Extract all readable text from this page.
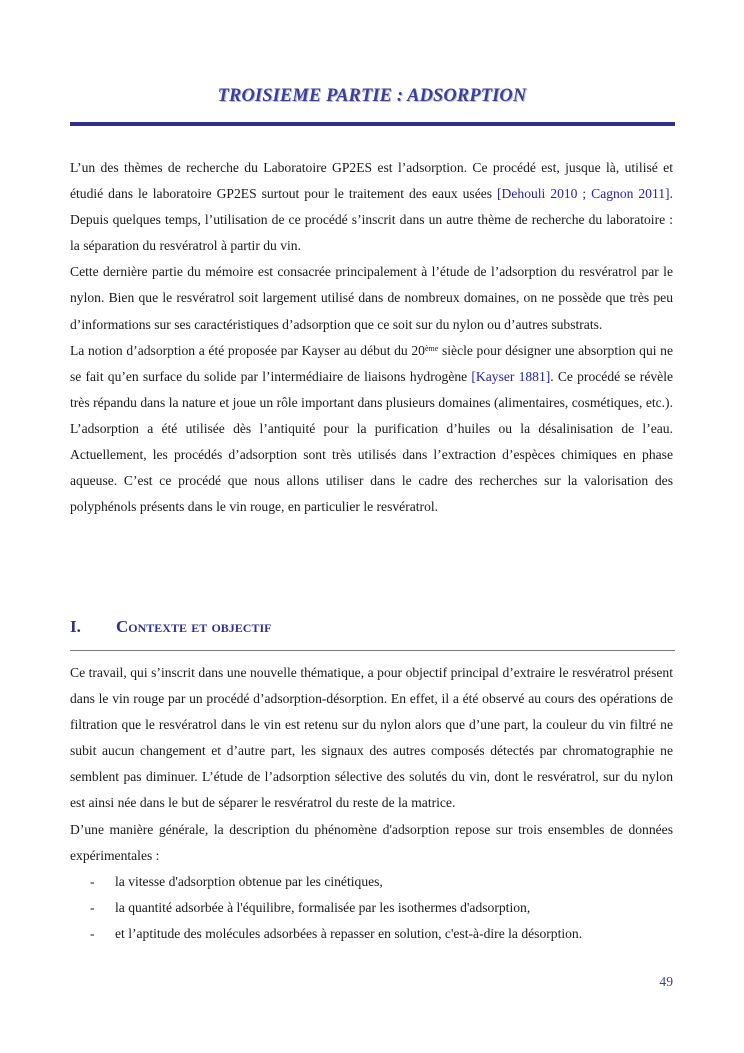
TROISIEME PARTIE : ADSORPTION

L’un des thèmes de recherche du Laboratoire GP2ES est l’adsorption. Ce procédé est, jusque là, utilisé et étudié dans le laboratoire GP2ES surtout pour le traitement des eaux usées [Dehouli 2010 ; Cagnon 2011]. Depuis quelques temps, l’utilisation de ce procédé s’inscrit dans un autre thème de recherche du laboratoire : la séparation du resvératrol à partir du vin.

Cette dernière partie du mémoire est consacrée principalement à l’étude de l’adsorption du resvératrol par le nylon. Bien que le resvératrol soit largement utilisé dans de nombreux domaines, on ne possède que très peu d’informations sur ses caractéristiques d’adsorption que ce soit sur du nylon ou d’autres substrats.

La notion d’adsorption a été proposée par Kayser au début du 20ème siècle pour désigner une absorption qui ne se fait qu’en surface du solide par l’intermédiaire de liaisons hydrogène [Kayser 1881]. Ce procédé se révèle très répandu dans la nature et joue un rôle important dans plusieurs domaines (alimentaires, cosmétiques, etc.). L’adsorption a été utilisée dès l’antiquité pour la purification d’huiles ou la désalinisation de l’eau. Actuellement, les procédés d’adsorption sont très utilisés dans l’extraction d’espèces chimiques en phase aqueuse. C’est ce procédé que nous allons utiliser dans le cadre des recherches sur la valorisation des polyphénols présents dans le vin rouge, en particulier le resvératrol.

I. Contexte et objectif

Ce travail, qui s’inscrit dans une nouvelle thématique, a pour objectif principal d’extraire le resvératrol présent dans le vin rouge par un procédé d’adsorption-désorption. En effet, il a été observé au cours des opérations de filtration que le resvératrol dans le vin est retenu sur du nylon alors que d’une part, la couleur du vin filtré ne subit aucun changement et d’autre part, les signaux des autres composés détectés par chromatographie ne semblent pas diminuer. L’étude de l’adsorption sélective des solutés du vin, dont le resvératrol, sur du nylon est ainsi née dans le but de séparer le resvératrol du reste de la matrice.

D’une manière générale, la description du phénomène d'adsorption repose sur trois ensembles de données expérimentales :

- la vitesse d'adsorption obtenue par les cinétiques,
- la quantité adsorbée à l'équilibre, formalisée par les isothermes d'adsorption,
- et l’aptitude des molécules adsorbées à repasser en solution, c'est-à-dire la désorption.
49
